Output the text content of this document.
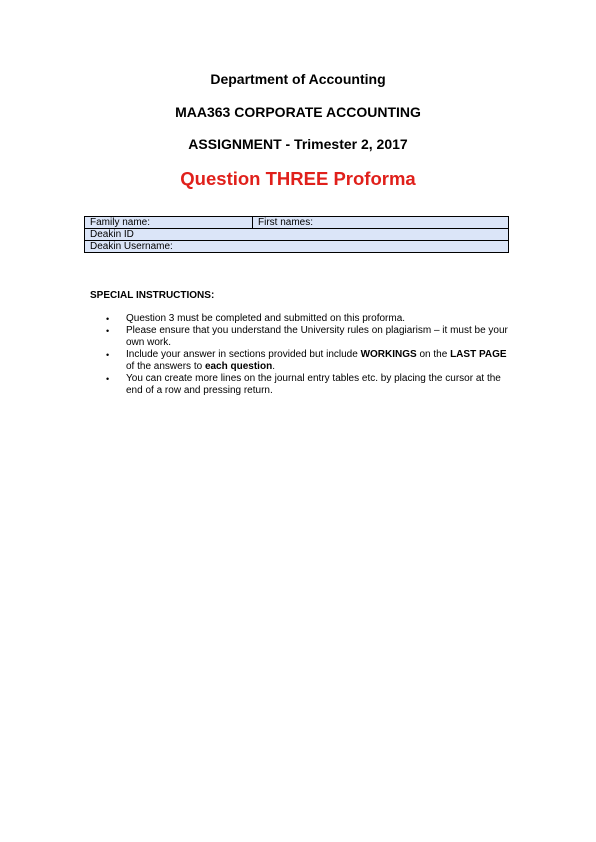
Department of Accounting
MAA363 CORPORATE ACCOUNTING
ASSIGNMENT - Trimester 2, 2017
Question THREE Proforma
Family name:	First names:
Deakin ID
Deakin Username:
SPECIAL INSTRUCTIONS:
• Question 3 must be completed and submitted on this proforma.
• Please ensure that you understand the University rules on plagiarism – it must be your own work.
• Include your answer in sections provided but include WORKINGS on the LAST PAGE of the answers to each question.
• You can create more lines on the journal entry tables etc. by placing the cursor at the end of a row and pressing return.
